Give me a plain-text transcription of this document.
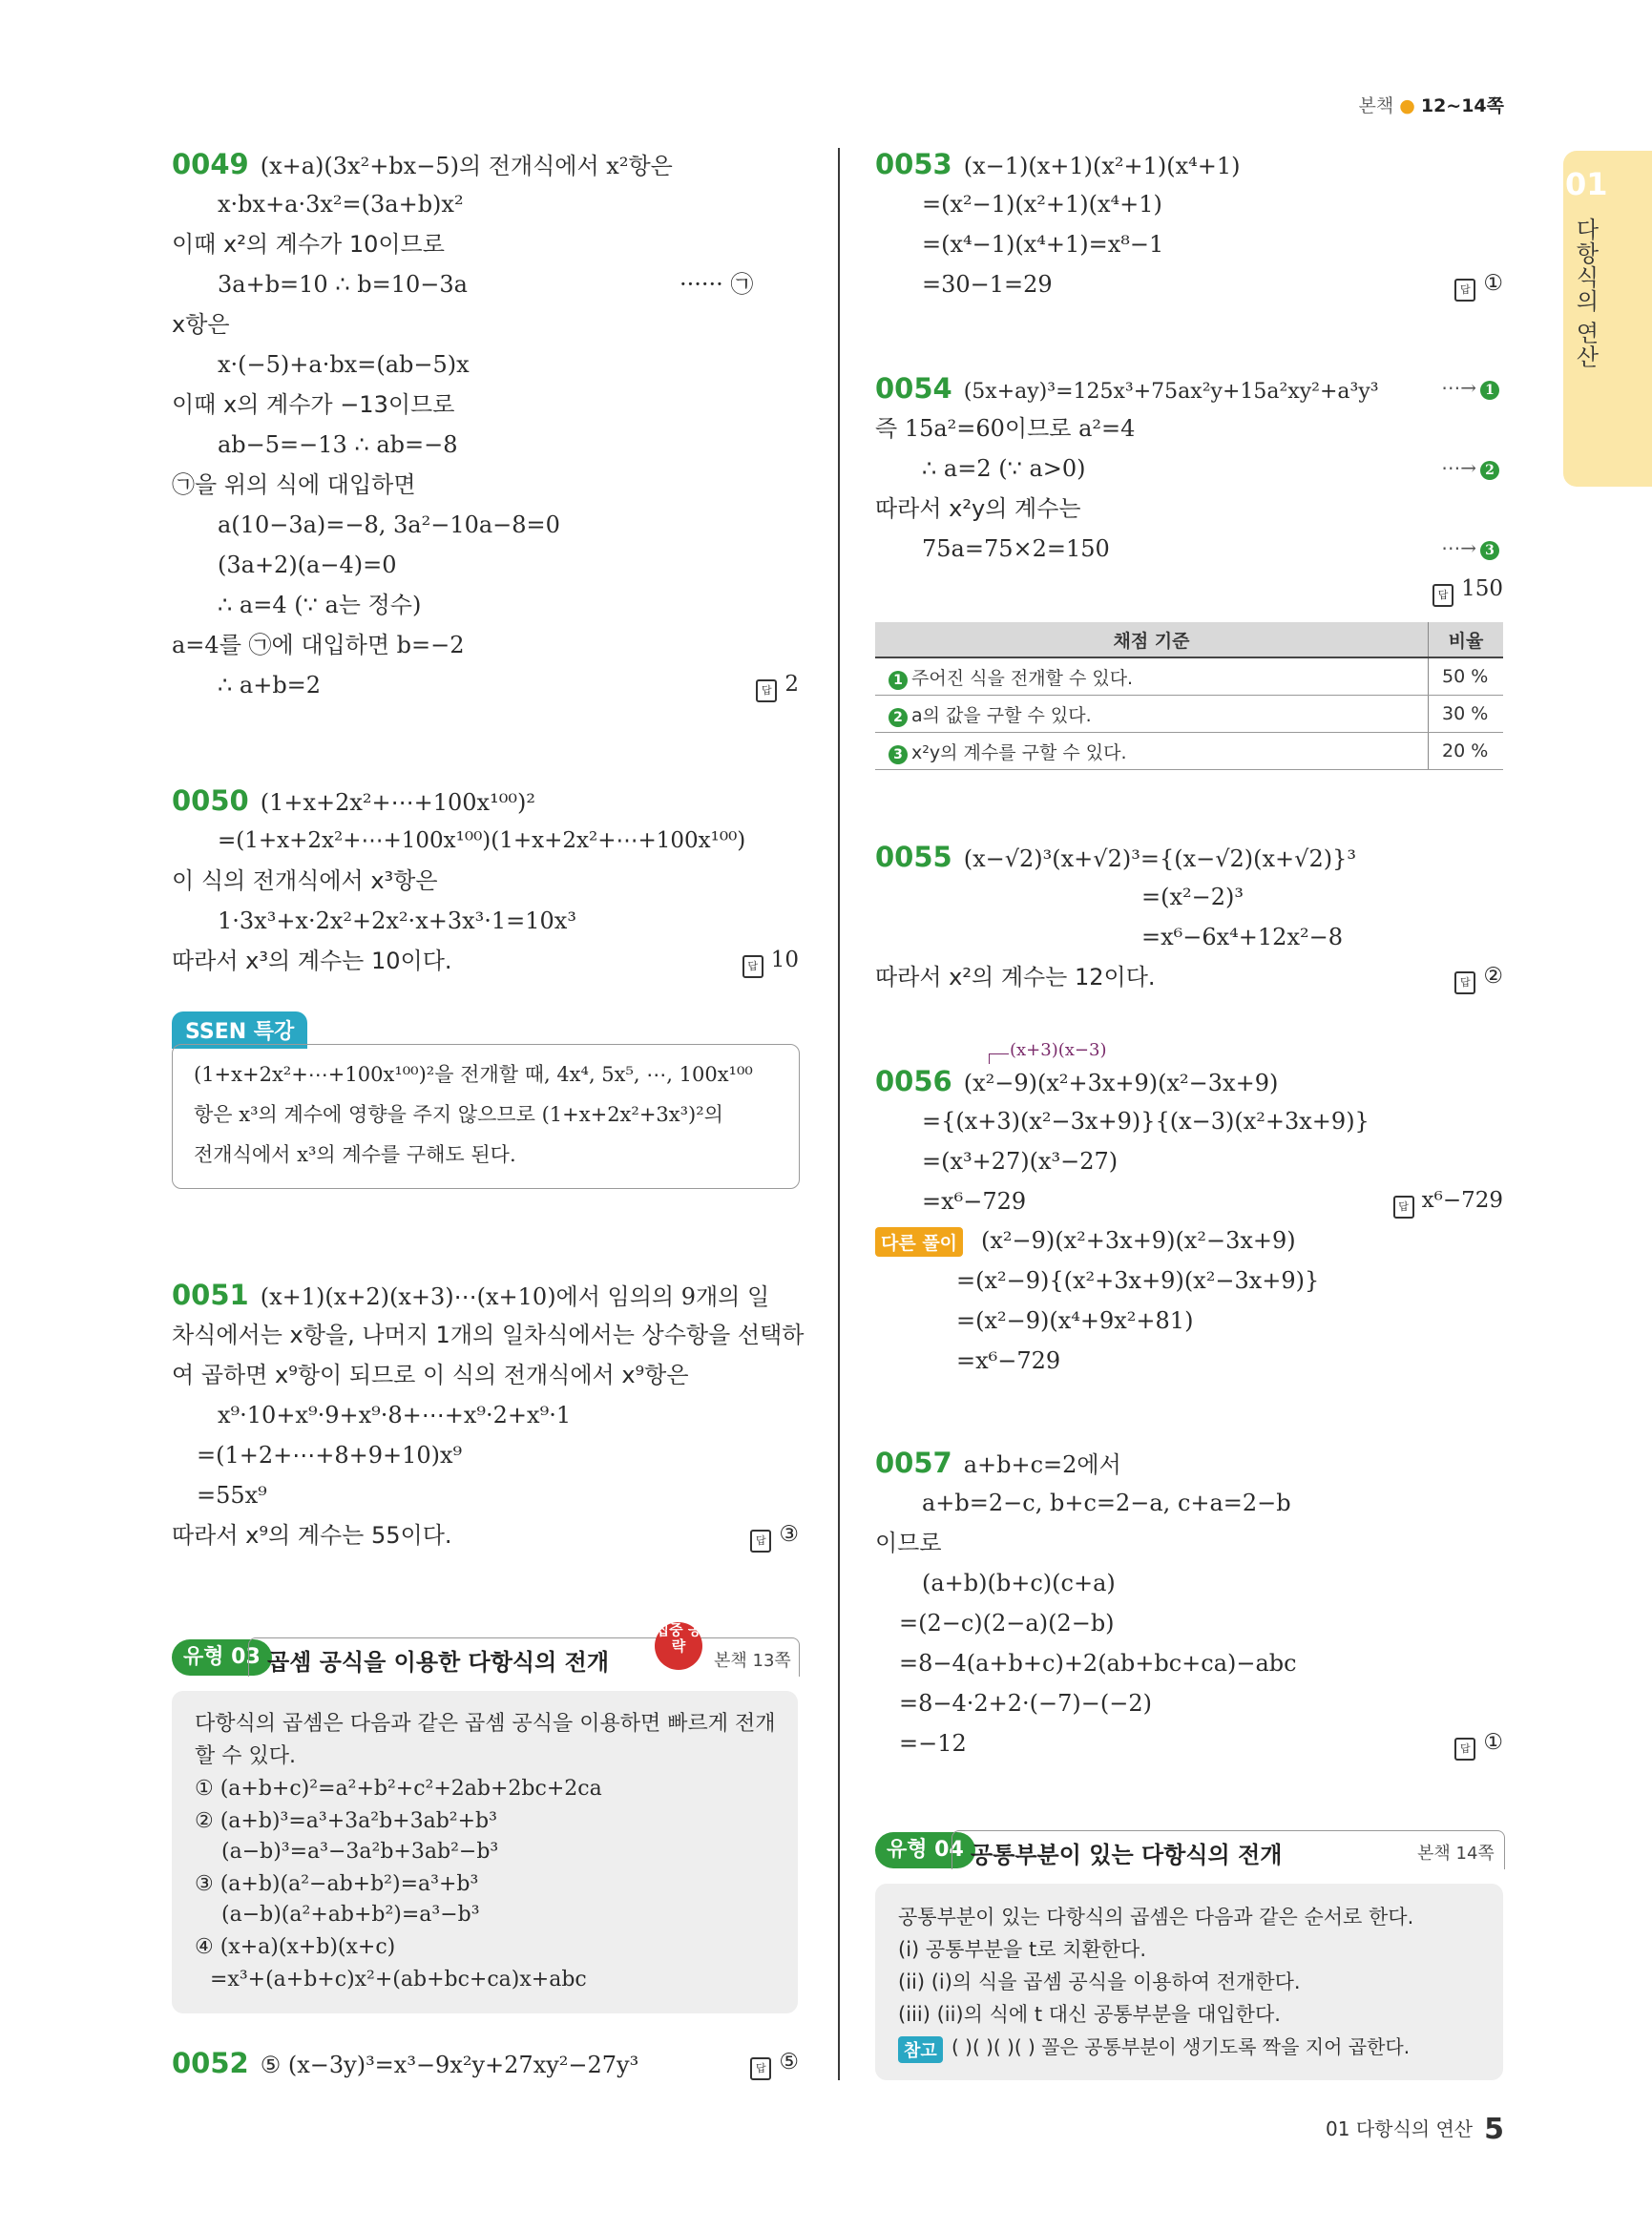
본책 ● 12~14쪽
01
다항식의 연산
0049 (x+a)(3x²+bx−5)의 전개식에서 x²항은
x·bx+a·3x²=(3a+b)x²
이때 x²의 계수가 10이므로
3a+b=10 ∴ b=10−3a	······ ㉠
x항은
x·(−5)+a·bx=(ab−5)x
이때 x의 계수가 −13이므로
ab−5=−13 ∴ ab=−8
㉠을 위의 식에 대입하면
a(10−3a)=−8, 3a²−10a−8=0
(3a+2)(a−4)=0
∴ a=4 (∵ a는 정수)
a=4를 ㉠에 대입하면 b=−2
∴ a+b=2	답 2
0050 (1+x+2x²+⋯+100x¹⁰⁰)²
=(1+x+2x²+⋯+100x¹⁰⁰)(1+x+2x²+⋯+100x¹⁰⁰)
이 식의 전개식에서 x³항은
1·3x³+x·2x²+2x²·x+3x³·1=10x³
따라서 x³의 계수는 10이다.	답 10
SSEN 특강
(1+x+2x²+⋯+100x¹⁰⁰)²을 전개할 때, 4x⁴, 5x⁵, ⋯, 100x¹⁰⁰
항은 x³의 계수에 영향을 주지 않으므로 (1+x+2x²+3x³)²의
전개식에서 x³의 계수를 구해도 된다.
0051 (x+1)(x+2)(x+3)⋯(x+10)에서 임의의 9개의 일
차식에서는 x항을, 나머지 1개의 일차식에서는 상수항을 선택하
여 곱하면 x⁹항이 되므로 이 식의 전개식에서 x⁹항은
x⁹·10+x⁹·9+x⁹·8+⋯+x⁹·2+x⁹·1
=(1+2+⋯+8+9+10)x⁹
=55x⁹
따라서 x⁹의 계수는 55이다.	답 ③
유형 03 곱셈 공식을 이용한 다항식의 전개	본책 13쪽
집중 공략
다항식의 곱셈은 다음과 같은 곱셈 공식을 이용하면 빠르게 전개
할 수 있다.
① (a+b+c)²=a²+b²+c²+2ab+2bc+2ca
② (a+b)³=a³+3a²b+3ab²+b³
(a−b)³=a³−3a²b+3ab²−b³
③ (a+b)(a²−ab+b²)=a³+b³
(a−b)(a²+ab+b²)=a³−b³
④ (x+a)(x+b)(x+c)
=x³+(a+b+c)x²+(ab+bc+ca)x+abc
0052 ⑤ (x−3y)³=x³−9x²y+27xy²−27y³	답 ⑤
0053 (x−1)(x+1)(x²+1)(x⁴+1)
=(x²−1)(x²+1)(x⁴+1)
=(x⁴−1)(x⁴+1)=x⁸−1
=30−1=29	답 ①
0054 (5x+ay)³=125x³+75ax²y+15a²xy²+a³y³
즉 15a²=60이므로 a²=4
∴ a=2 (∵ a>0)
따라서 x²y의 계수는
75a=75×2=150
⋯→ 1
⋯→ 2
⋯→ 3
답 150
채점 기준	비율
1 주어진 식을 전개할 수 있다.	50 %
2 a의 값을 구할 수 있다.	30 %
3 x²y의 계수를 구할 수 있다.	20 %
0055 (x−√2)³(x+√2)³={(x−√2)(x+√2)}³
=(x²−2)³
=x⁶−6x⁴+12x²−8
따라서 x²의 계수는 12이다.	답 ②
(x+3)(x−3)
0056 (x²−9)(x²+3x+9)(x²−3x+9)
={(x+3)(x²−3x+9)}{(x−3)(x²+3x+9)}
=(x³+27)(x³−27)
=x⁶−729	답 x⁶−729
다른 풀이 (x²−9)(x²+3x+9)(x²−3x+9)
=(x²−9){(x²+3x+9)(x²−3x+9)}
=(x²−9)(x⁴+9x²+81)
=x⁶−729
0057 a+b+c=2에서
a+b=2−c, b+c=2−a, c+a=2−b
이므로
(a+b)(b+c)(c+a)
=(2−c)(2−a)(2−b)
=8−4(a+b+c)+2(ab+bc+ca)−abc
=8−4·2+2·(−7)−(−2)
=−12	답 ①
유형 04 공통부분이 있는 다항식의 전개	본책 14쪽
공통부분이 있는 다항식의 곱셈은 다음과 같은 순서로 한다.
(i) 공통부분을 t로 치환한다.
(ii) (i)의 식을 곱셈 공식을 이용하여 전개한다.
(iii) (ii)의 식에 t 대신 공통부분을 대입한다.
참고 ( )( )( )( ) 꼴은 공통부분이 생기도록 짝을 지어 곱한다.
01 다항식의 연산 5
